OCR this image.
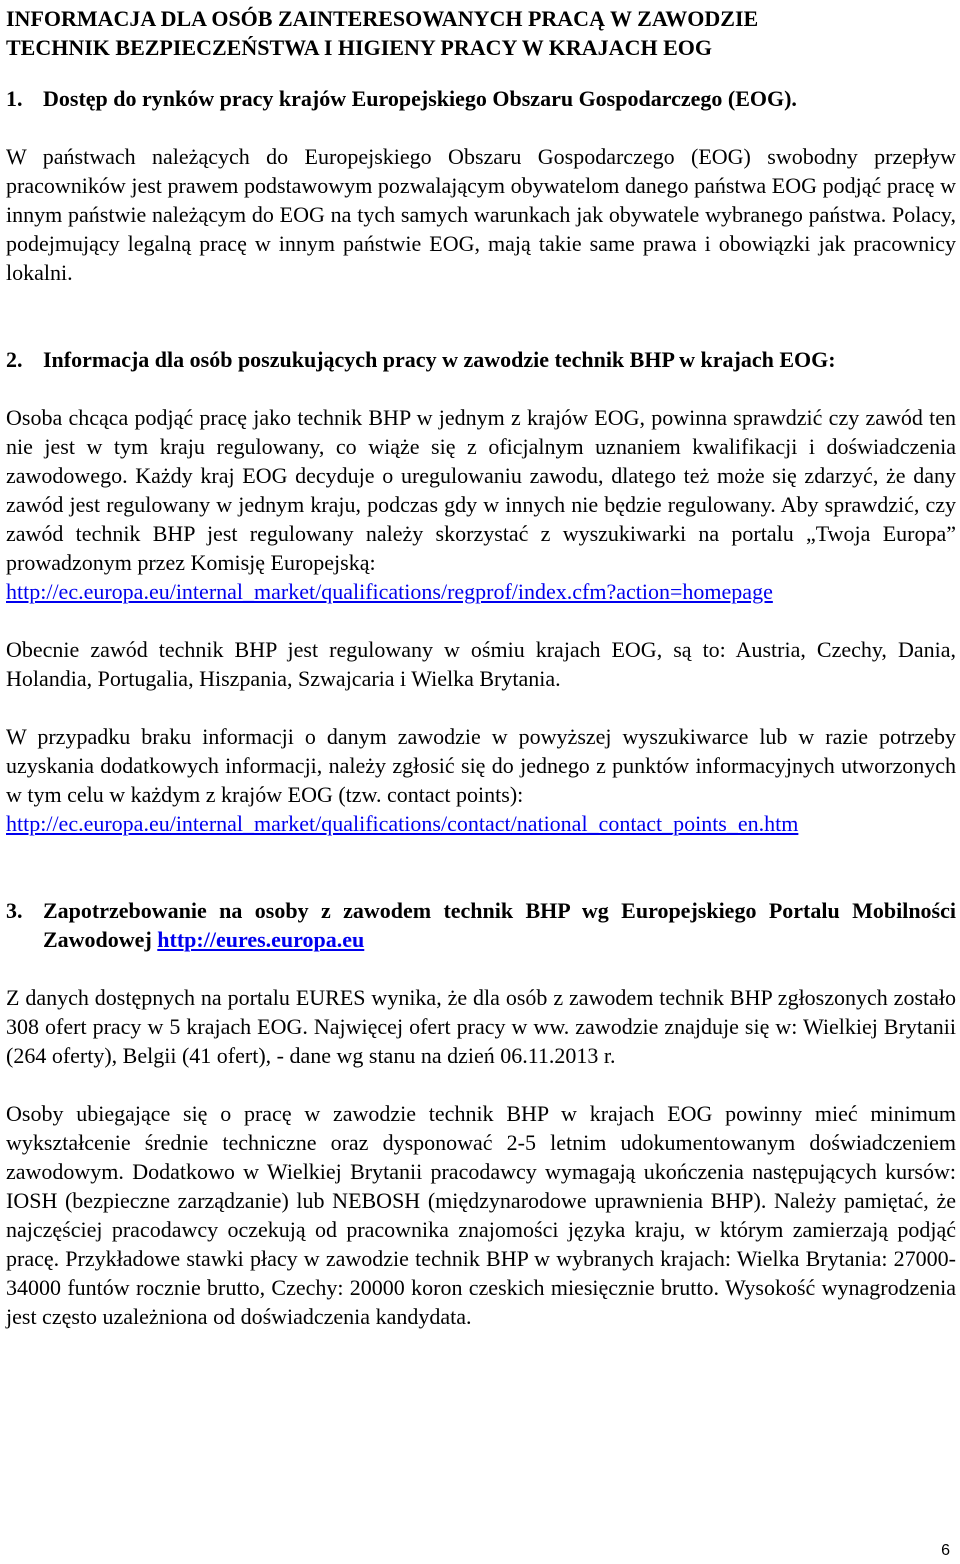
INFORMACJA DLA OSÓB ZAINTERESOWANYCH PRACĄ W ZAWODZIE
TECHNIK BEZPIECZEŃSTWA I HIGIENY PRACY W KRAJACH EOG
1. Dostęp do rynków pracy krajów Europejskiego Obszaru Gospodarczego (EOG).

W państwach należących do Europejskiego Obszaru Gospodarczego (EOG) swobodny przepływ pracowników jest prawem podstawowym pozwalającym obywatelom danego państwa EOG podjąć pracę w innym państwie należącym do EOG na tych samych warunkach jak obywatele wybranego państwa. Polacy, podejmujący legalną pracę w innym państwie EOG, mają takie same prawa i obowiązki jak pracownicy lokalni.

2. Informacja dla osób poszukujących pracy w zawodzie technik BHP w krajach EOG:

Osoba chcąca podjąć pracę jako technik BHP w jednym z krajów EOG, powinna sprawdzić czy zawód ten nie jest w tym kraju regulowany, co wiąże się z oficjalnym uznaniem kwalifikacji i doświadczenia zawodowego. Każdy kraj EOG decyduje o uregulowaniu zawodu, dlatego też może się zdarzyć, że dany zawód jest regulowany w jednym kraju, podczas gdy w innych nie będzie regulowany. Aby sprawdzić, czy zawód technik BHP jest regulowany należy skorzystać z wyszukiwarki na portalu „Twoja Europa” prowadzonym przez Komisję Europejską:

http://ec.europa.eu/internal_market/qualifications/regprof/index.cfm?action=homepage

Obecnie zawód technik BHP jest regulowany w ośmiu krajach EOG, są to: Austria, Czechy, Dania, Holandia, Portugalia, Hiszpania, Szwajcaria i Wielka Brytania.

W przypadku braku informacji o danym zawodzie w powyższej wyszukiwarce lub w razie potrzeby uzyskania dodatkowych informacji, należy zgłosić się do jednego z punktów informacyjnych utworzonych w tym celu w każdym z krajów EOG (tzw. contact points):

http://ec.europa.eu/internal_market/qualifications/contact/national_contact_points_en.htm
3. Zapotrzebowanie na osoby z zawodem technik BHP wg Europejskiego Portalu Mobilności Zawodowej http://eures.europa.eu

Z danych dostępnych na portalu EURES wynika, że dla osób z zawodem technik BHP zgłoszonych zostało 308 ofert pracy w 5 krajach EOG. Najwięcej ofert pracy w ww. zawodzie znajduje się w: Wielkiej Brytanii (264 oferty), Belgii (41 ofert), - dane wg stanu na dzień 06.11.2013 r.

Osoby ubiegające się o pracę w zawodzie technik BHP w krajach EOG powinny mieć minimum wykształcenie średnie techniczne oraz dysponować 2-5 letnim udokumentowanym doświadczeniem zawodowym. Dodatkowo w Wielkiej Brytanii pracodawcy wymagają ukończenia następujących kursów: IOSH (bezpieczne zarządzanie) lub NEBOSH (międzynarodowe uprawnienia BHP). Należy pamiętać, że najczęściej pracodawcy oczekują od pracownika znajomości języka kraju, w którym zamierzają podjąć pracę. Przykładowe stawki płacy w zawodzie technik BHP w wybranych krajach: Wielka Brytania: 27000-34000 funtów rocznie brutto, Czechy: 20000 koron czeskich miesięcznie brutto. Wysokość wynagrodzenia jest często uzależniona od doświadczenia kandydata.

6
